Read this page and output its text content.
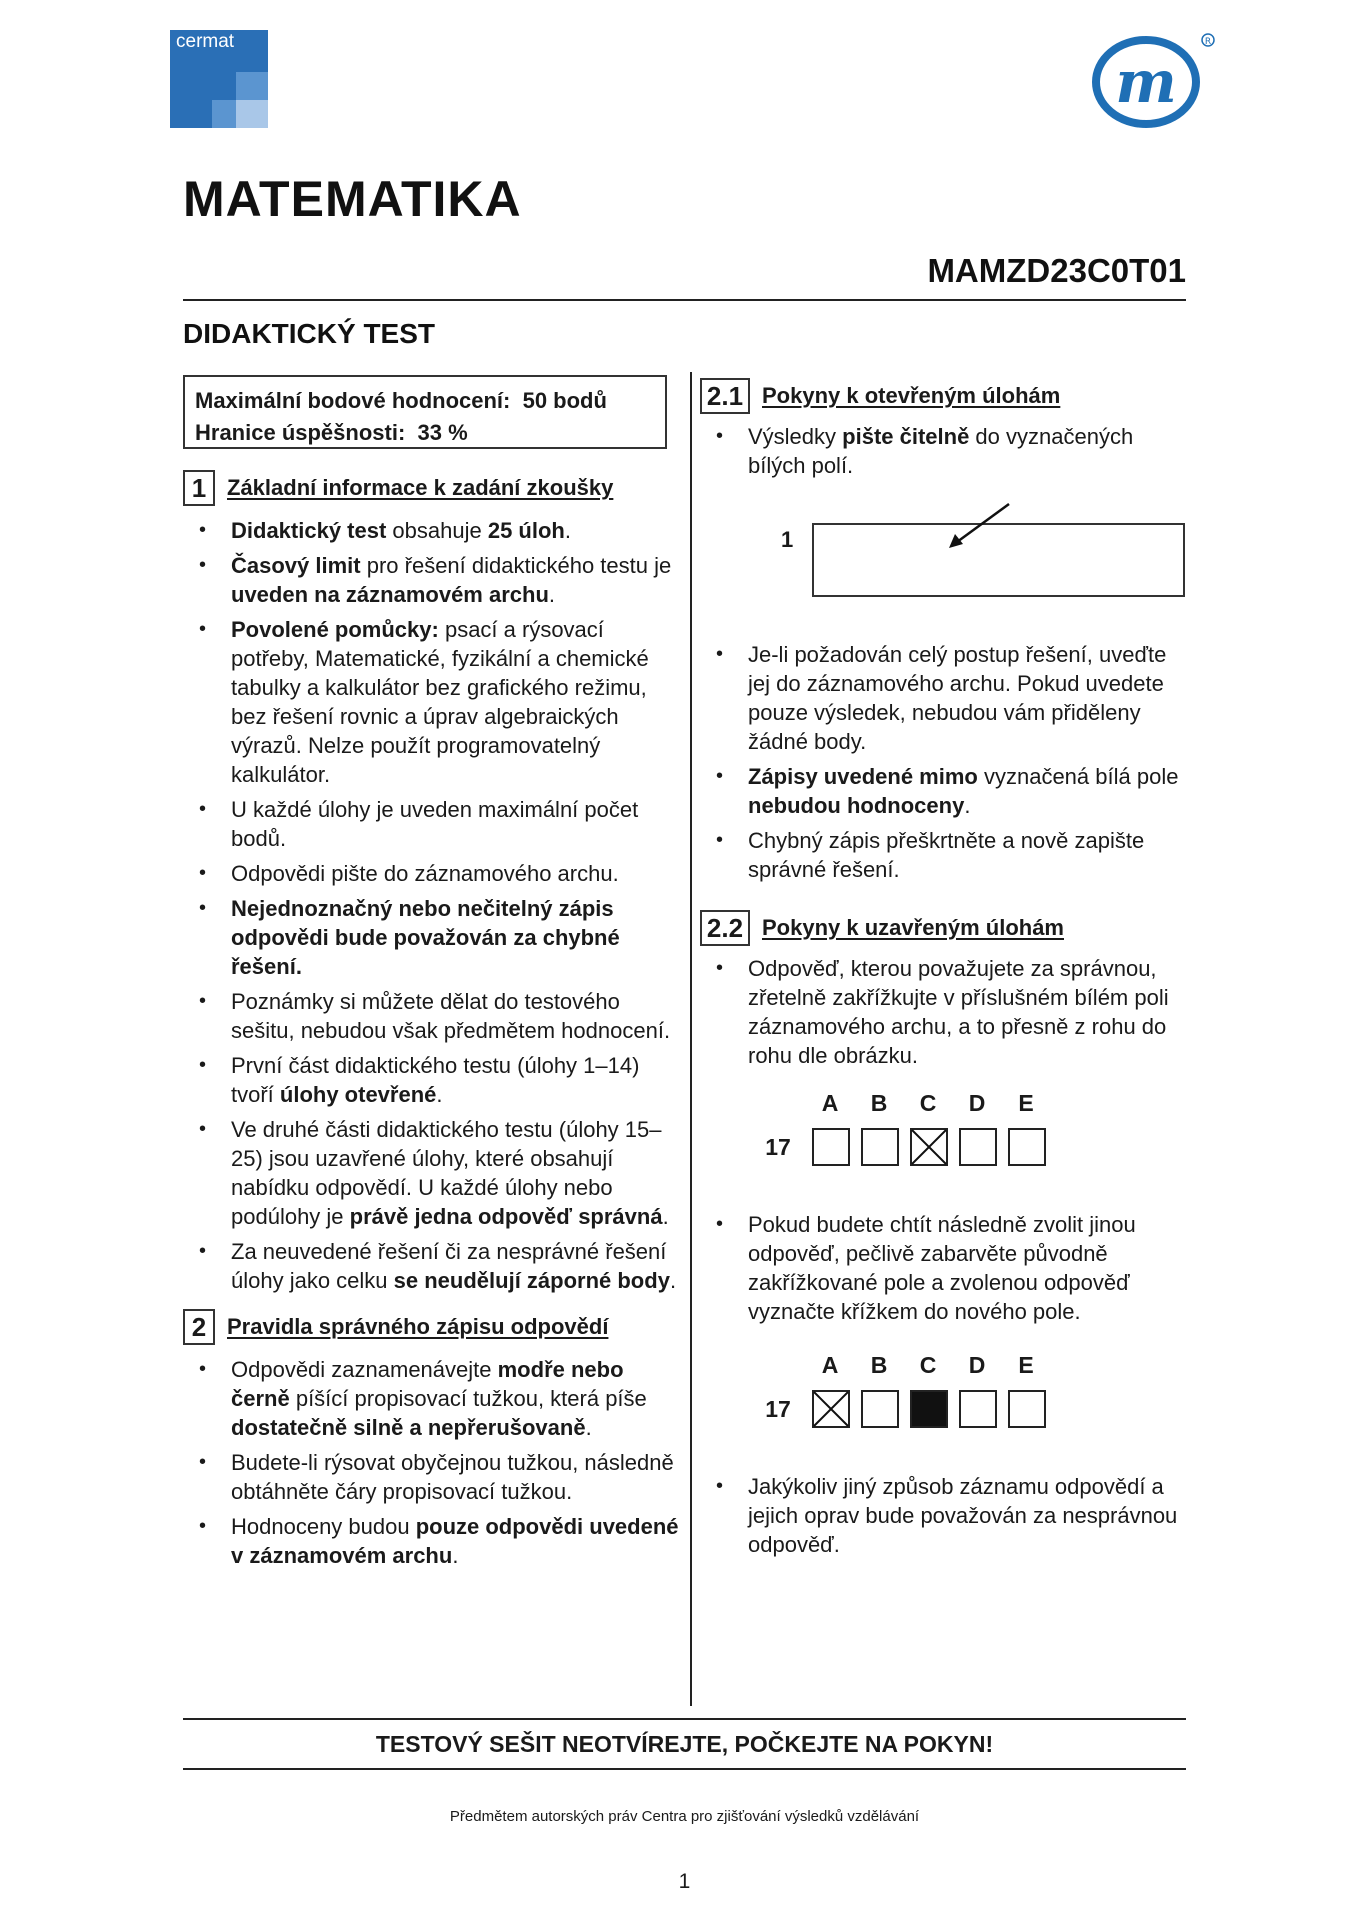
cermat
m
R
MATEMATIKA
MAMZD23C0T01
DIDAKTICKÝ TEST
Maximální bodové hodnocení:  50 bodů
Hranice úspěšnosti:  33 %
1 Základní informace k zadání zkoušky
• Didaktický test obsahuje 25 úloh.
• Časový limit pro řešení didaktického testu je uveden na záznamovém archu.
• Povolené pomůcky: psací a rýsovací potřeby, Matematické, fyzikální a chemické tabulky a kalkulátor bez grafického režimu, bez řešení rovnic a úprav algebraických výrazů. Nelze použít programovatelný kalkulátor.
• U každé úlohy je uveden maximální počet bodů.
• Odpovědi pište do záznamového archu.
• Nejednoznačný nebo nečitelný zápis odpovědi bude považován za chybné řešení.
• Poznámky si můžete dělat do testového sešitu, nebudou však předmětem hodnocení.
• První část didaktického testu (úlohy 1–14) tvoří úlohy otevřené.
• Ve druhé části didaktického testu (úlohy 15–25) jsou uzavřené úlohy, které obsahují nabídku odpovědí. U každé úlohy nebo podúlohy je právě jedna odpověď správná.
• Za neuvedené řešení či za nesprávné řešení úlohy jako celku se neudělují záporné body.
2 Pravidla správného zápisu odpovědí
• Odpovědi zaznamenávejte modře nebo černě píšící propisovací tužkou, která píše dostatečně silně a nepřerušovaně.
• Budete-li rýsovat obyčejnou tužkou, následně obtáhněte čáry propisovací tužkou.
• Hodnoceny budou pouze odpovědi uvedené v záznamovém archu.
2.1 Pokyny k otevřeným úlohám
• Výsledky pište čitelně do vyznačených bílých polí.
1
• Je-li požadován celý postup řešení, uveďte jej do záznamového archu. Pokud uvedete pouze výsledek, nebudou vám přiděleny žádné body.
• Zápisy uvedené mimo vyznačená bílá pole nebudou hodnoceny.
• Chybný zápis přeškrtněte a nově zapište správné řešení.
2.2 Pokyny k uzavřeným úlohám
• Odpověď, kterou považujete za správnou, zřetelně zakřížkujte v příslušném bílém poli záznamového archu, a to přesně z rohu do rohu dle obrázku.
17
A	B	C	D	E
• Pokud budete chtít následně zvolit jinou odpověď, pečlivě zabarvěte původně zakřížkované pole a zvolenou odpověď vyznačte křížkem do nového pole.
17
A	B	C	D	E
• Jakýkoliv jiný způsob záznamu odpovědí a jejich oprav bude považován za nesprávnou odpověď.
TESTOVÝ SEŠIT NEOTVÍREJTE, POČKEJTE NA POKYN!
Předmětem autorských práv Centra pro zjišťování výsledků vzdělávání
1
